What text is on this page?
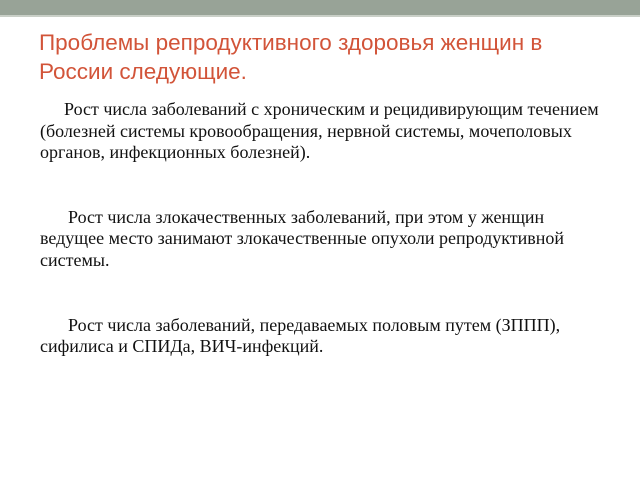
Проблемы репродуктивного здоровья женщин в России следующие.

Рост числа заболеваний с хроническим и рецидивирующим течением (болезней системы кровообращения, нервной системы, мочеполовых органов, инфекционных болезней).

Рост числа злокачественных заболеваний, при этом у женщин ведущее место занимают злокачественные опухоли репродуктивной системы.

Рост числа заболеваний, передаваемых половым путем (ЗППП), сифилиса и СПИДа, ВИЧ-инфекций.
